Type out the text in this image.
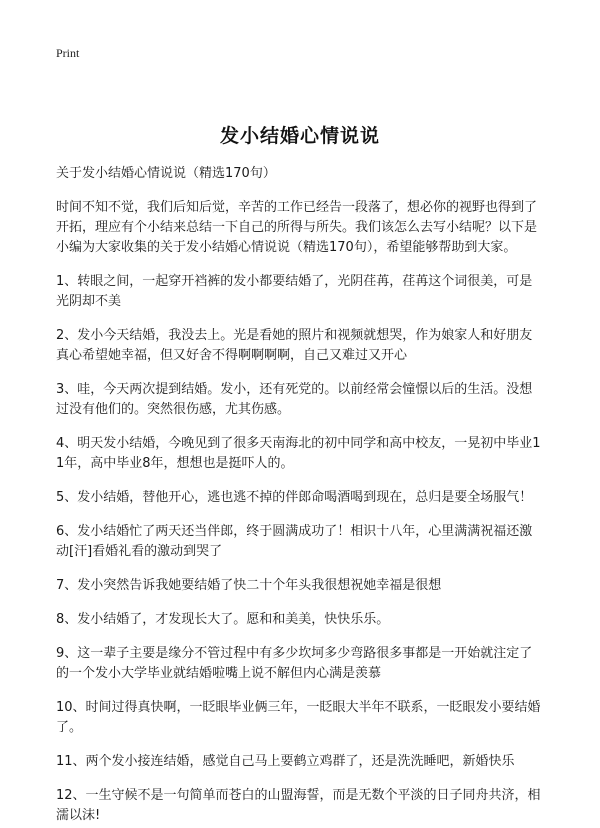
Print
发小结婚心情说说
关于发小结婚心情说说（精选170句）
时间不知不觉，我们后知后觉，辛苦的工作已经告一段落了，想必你的视野也得到了开拓，理应有个小结来总结一下自己的所得与所失。我们该怎么去写小结呢？以下是小编为大家收集的关于发小结婚心情说说（精选170句），希望能够帮助到大家。
1、转眼之间，一起穿开裆裤的发小都要结婚了，光阴荏苒，荏苒这个词很美，可是光阴却不美
2、发小今天结婚，我没去上。光是看她的照片和视频就想哭，作为娘家人和好朋友真心希望她幸福，但又好舍不得啊啊啊啊，自己又难过又开心
3、哇，今天两次提到结婚。发小，还有死党的。以前经常会憧憬以后的生活。没想过没有他们的。突然很伤感，尤其伤感。
4、明天发小结婚，今晚见到了很多天南海北的初中同学和高中校友，一晃初中毕业11年，高中毕业8年，想想也是挺吓人的。
5、发小结婚，替他开心，逃也逃不掉的伴郎命喝酒喝到现在，总归是要全场服气！
6、发小结婚忙了两天还当伴郎，终于圆满成功了！相识十八年，心里满满祝福还激动[汗]看婚礼看的激动到哭了
7、发小突然告诉我她要结婚了快二十个年头我很想祝她幸福是很想
8、发小结婚了，才发现长大了。愿和和美美，快快乐乐。
9、这一辈子主要是缘分不管过程中有多少坎坷多少弯路很多事都是一开始就注定了的一个发小大学毕业就结婚啦嘴上说不解但内心满是羡慕
10、时间过得真快啊，一眨眼毕业俩三年，一眨眼大半年不联系，一眨眼发小要结婚了。
11、两个发小接连结婚，感觉自己马上要鹤立鸡群了，还是洗洗睡吧，新婚快乐
12、一生守候不是一句简单而苍白的山盟海誓，而是无数个平淡的日子同舟共济，相濡以沫!
